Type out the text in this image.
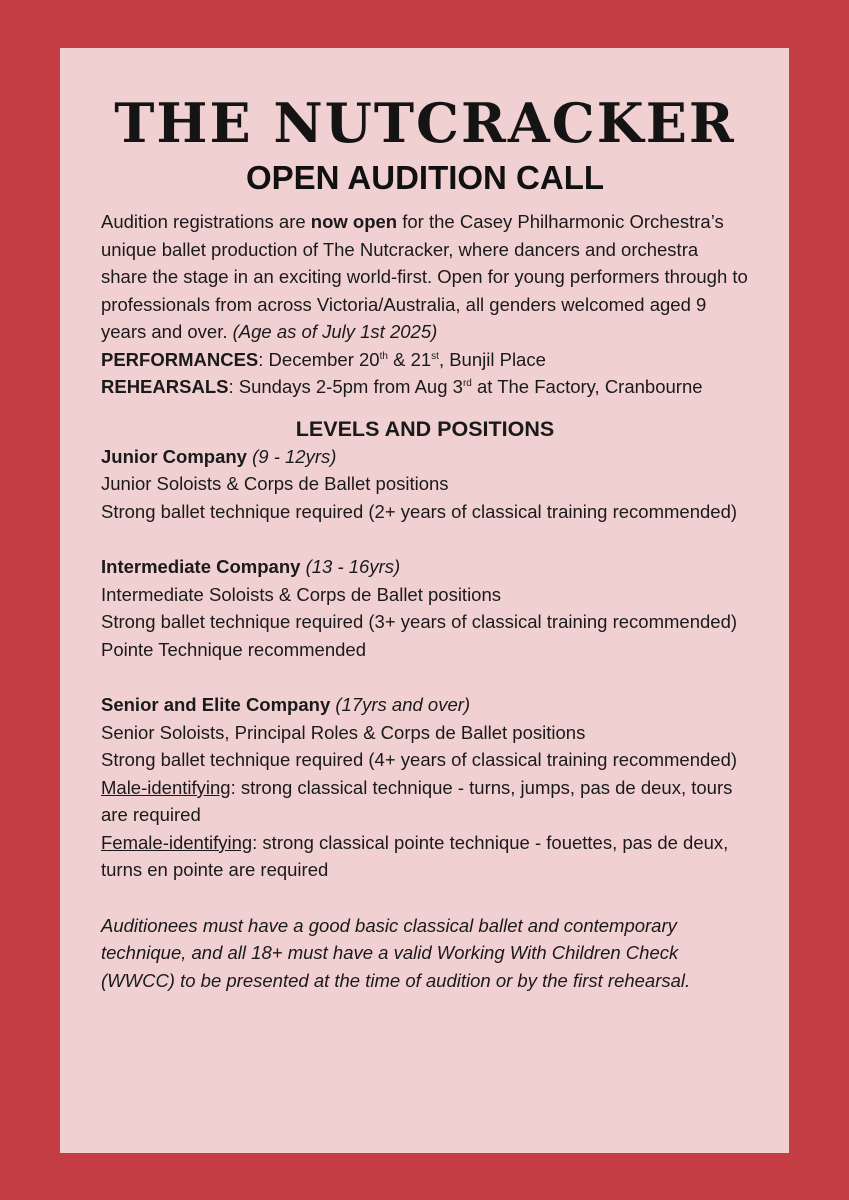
THE NUTCRACKER
OPEN AUDITION CALL

Audition registrations are now open for the Casey Philharmonic Orchestra’s unique ballet production of The Nutcracker, where dancers and orchestra share the stage in an exciting world-first. Open for young performers through to professionals from across Victoria/Australia, all genders welcomed aged 9 years and over. (Age as of July 1st 2025)

PERFORMANCES: December 20th & 21st, Bunjil Place

REHEARSALS: Sundays 2-5pm from Aug 3rd at The Factory, Cranbourne

LEVELS AND POSITIONS

Junior Company (9 - 12yrs)

Junior Soloists & Corps de Ballet positions

Strong ballet technique required (2+ years of classical training recommended)

Intermediate Company (13 - 16yrs)

Intermediate Soloists & Corps de Ballet positions

Strong ballet technique required (3+ years of classical training recommended)

Pointe Technique recommended

Senior and Elite Company (17yrs and over)

Senior Soloists, Principal Roles & Corps de Ballet positions

Strong ballet technique required (4+ years of classical training recommended)

Male-identifying: strong classical technique - turns, jumps, pas de deux, tours are required

Female-identifying: strong classical pointe technique - fouettes, pas de deux, turns en pointe are required

Auditionees must have a good basic classical ballet and contemporary technique, and all 18+ must have a valid Working With Children Check (WWCC) to be presented at the time of audition or by the first rehearsal.
